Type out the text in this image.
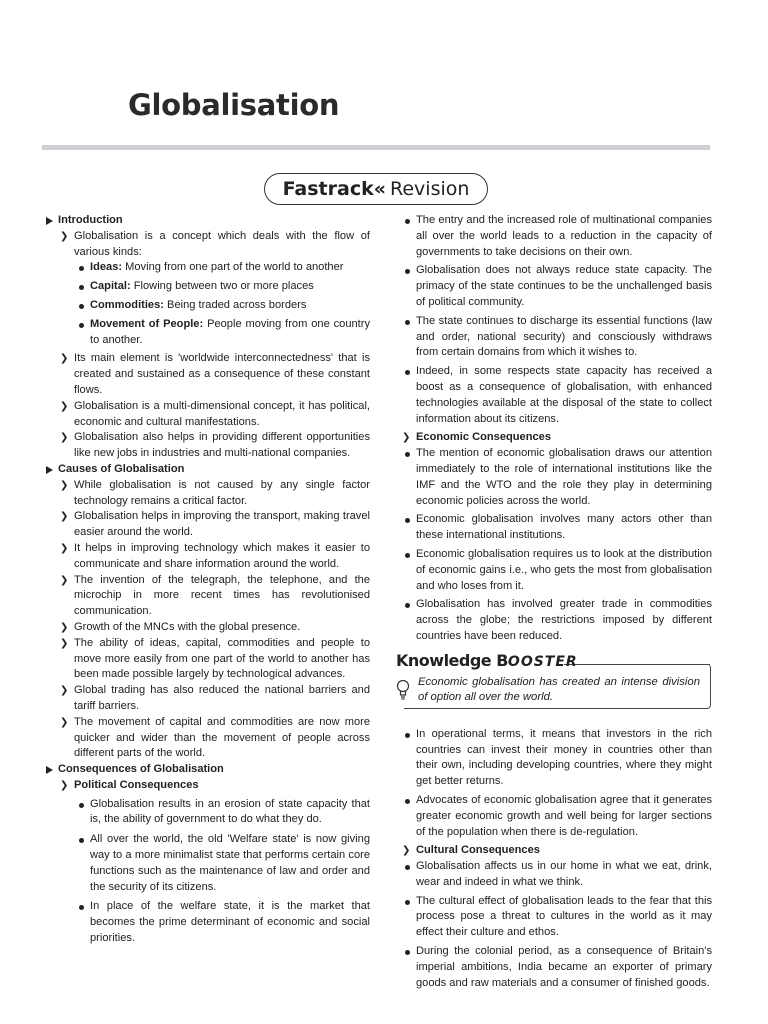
Globalisation
Fastrack« Revision
Introduction
❯ Globalisation is a concept which deals with the flow of various kinds:
Ideas: Moving from one part of the world to another
Capital: Flowing between two or more places
Commodities: Being traded across borders
Movement of People: People moving from one country to another.
❯ Its main element is 'worldwide interconnectedness' that is created and sustained as a consequence of these constant flows.
❯ Globalisation is a multi-dimensional concept, it has political, economic and cultural manifestations.
❯ Globalisation also helps in providing different opportunities like new jobs in industries and multi-national companies.
Causes of Globalisation
❯ While globalisation is not caused by any single factor technology remains a critical factor.
❯ Globalisation helps in improving the transport, making travel easier around the world.
❯ It helps in improving technology which makes it easier to communicate and share information around the world.
❯ The invention of the telegraph, the telephone, and the microchip in more recent times has revolutionised communication.
❯ Growth of the MNCs with the global presence.
❯ The ability of ideas, capital, commodities and people to move more easily from one part of the world to another has been made possible largely by technological advances.
❯ Global trading has also reduced the national barriers and tariff barriers.
❯ The movement of capital and commodities are now more quicker and wider than the movement of people across different parts of the world.
Consequences of Globalisation
❯ Political Consequences
Globalisation results in an erosion of state capacity that is, the ability of government to do what they do.
All over the world, the old 'Welfare state' is now giving way to a more minimalist state that performs certain core functions such as the maintenance of law and order and the security of its citizens.
In place of the welfare state, it is the market that becomes the prime determinant of economic and social priorities.
The entry and the increased role of multinational companies all over the world leads to a reduction in the capacity of governments to take decisions on their own.
Globalisation does not always reduce state capacity. The primacy of the state continues to be the unchallenged basis of political community.
The state continues to discharge its essential functions (law and order, national security) and consciously withdraws from certain domains from which it wishes to.
Indeed, in some respects state capacity has received a boost as a consequence of globalisation, with enhanced technologies available at the disposal of the state to collect information about its citizens.
❯ Economic Consequences
The mention of economic globalisation draws our attention immediately to the role of international institutions like the IMF and the WTO and the role they play in determining economic policies across the world.
Economic globalisation involves many actors other than these international institutions.
Economic globalisation requires us to look at the distribution of economic gains i.e., who gets the most from globalisation and who loses from it.
Globalisation has involved greater trade in commodities across the globe; the restrictions imposed by different countries have been reduced.
Knowledge BOOSTER
Economic globalisation has created an intense division of option all over the world.
In operational terms, it means that investors in the rich countries can invest their money in countries other than their own, including developing countries, where they might get better returns.
Advocates of economic globalisation agree that it generates greater economic growth and well being for larger sections of the population when there is de-regulation.
❯ Cultural Consequences
Globalisation affects us in our home in what we eat, drink, wear and indeed in what we think.
The cultural effect of globalisation leads to the fear that this process pose a threat to cultures in the world as it may effect their culture and ethos.
During the colonial period, as a consequence of Britain's imperial ambitions, India became an exporter of primary goods and raw materials and a consumer of finished goods.
